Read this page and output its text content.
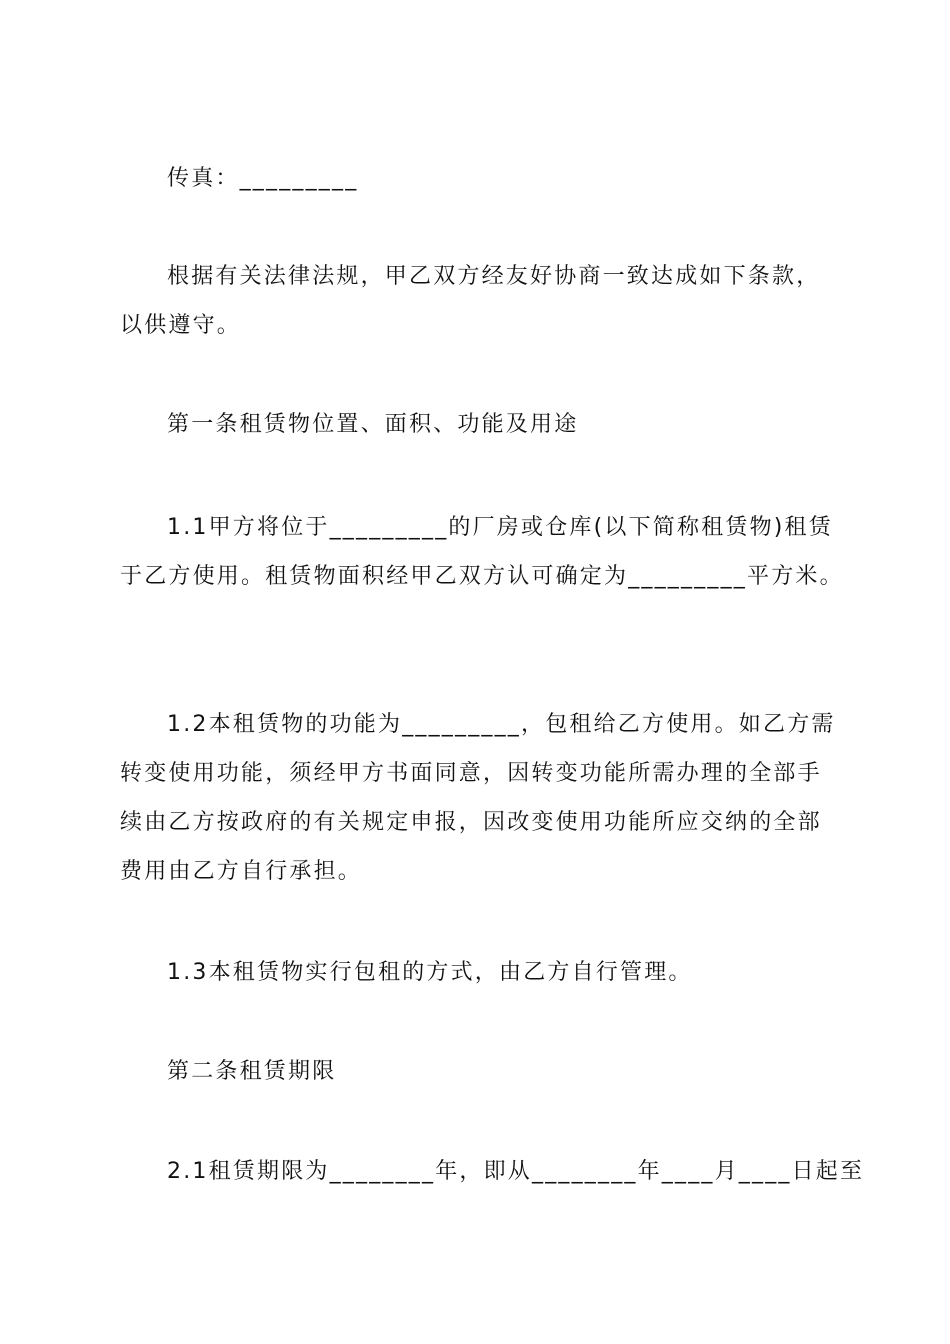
传真：_________
根据有关法律法规，甲乙双方经友好协商一致达成如下条款，
以供遵守。
第一条租赁物位置、面积、功能及用途
1.1甲方将位于_________的厂房或仓库(以下简称租赁物)租赁
于乙方使用。租赁物面积经甲乙双方认可确定为_________平方米。
1.2本租赁物的功能为_________，包租给乙方使用。如乙方需
转变使用功能，须经甲方书面同意，因转变功能所需办理的全部手
续由乙方按政府的有关规定申报，因改变使用功能所应交纳的全部
费用由乙方自行承担。
1.3本租赁物实行包租的方式，由乙方自行管理。
第二条租赁期限
2.1租赁期限为________年，即从________年____月____日起至
